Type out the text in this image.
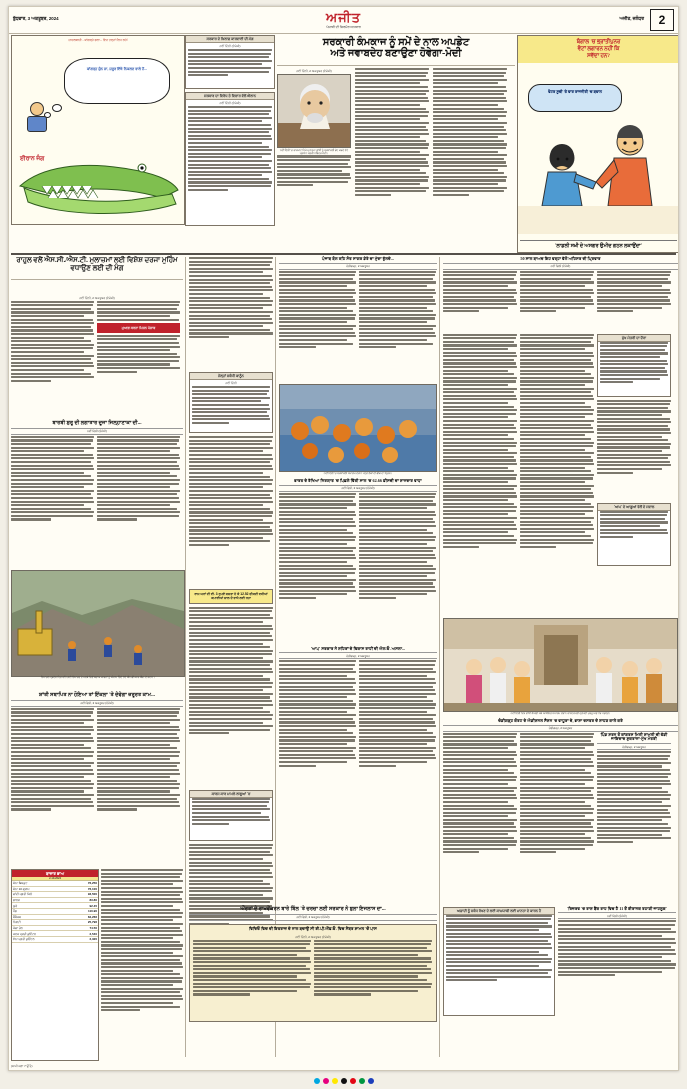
ਬੁੱਧਵਾਰ, 3 ਅਕਤੂਬਰ, 2024	ਅਜੀਤ, ਜਲੰਧਰ
ਅਜੀਤ
ਪੰਜਾਬੀ ਦੀ ਸਿਰਮੌਰ ਅਖ਼ਬਾਰ	2
ਜ਼ਾਹਲਬਾਜ਼ੀ - ਕਾਂਗੜ੍ਹੇ ਭਲਾ... ਇਹ ਤਰ੍ਹਾਂ ਲਿਖ ਰਹੇ!
ਕਾਂਗੜ੍ਹ ਸ਼ੁੰਨ ਜਾ, ਜ਼ਰੂਰ ਇੱਥੇ ਨਿਕਲਣ ਵਾਲੇ ਹੋਂ...
ਈਰਾਨ ਜੰਗ
ਸਰਕਾਰ ਦੇ ਖ਼ਿਲਾਫ਼ ਕਾਰਵਾਈ ਦੀ ਮੰਗ
ਨਵੀਂ ਦਿੱਲੀ (ਏਜੰਸੀ)
ਸਰਕਾਰ ਦਾ ਵਿਰੋਧ ਤੇ ਵਿਚਾਰ ਵੱਲੋਂ ਐਲਾਨ
ਨਵੀਂ ਦਿੱਲੀ (ਏਜੰਸੀ)
ਸਰਕਾਰੀ ਕੰਮਕਾਜ ਨੂੰ ਸਮੇਂ ਦੇ ਨਾਲ ਅਪਡੇਟ
ਅਤੇ ਜਵਾਬਦੇਹ ਬਣਾਉਣਾ ਹੋਵੇਗਾ-ਮੋਦੀ
ਨਵੀਂ ਦਿੱਲੀ, 2 ਅਕਤੂਬਰ (ਏਜੰਸੀ)
ਨਵੀਂ ਦਿੱਲੀ 'ਚ ਰਾਜਘਾਟ ਵਿਖੇ ਮਹਾਤਮਾ ਗਾਂਧੀ ਨੂੰ ਸ਼ਰਧਾਂਜਲੀ ਭੇਟ ਕਰਦੇ ਹੋਏ ਪ੍ਰਧਾਨ ਮੰਤਰੀ ਨਰਿੰਦਰ ਮੋਦੀ।
ਬੰਗਾਲ 'ਚ ਭ੍ਰਾਂਤੀਪੁਨਰ
ਵੋਟਾਂ ਲਗਾਰਨ ਨਹੀਂ ਕਿ
ਸਵੱਦਾ ਹਨ?
ਵੋਟਰ ਸੂਚੀ 'ਤੇ ਵਾਰ ਰਾਜਨੀਤੀ 'ਚ ਬਵਾਲ
'ਲਾਡਲੀ ਸਖ਼ੀ ਦੇ ਅਸਗਰ ਉਮੀਦ ਗਠਨ ਲਕਾਉਂਦਾ'
ਰਾਹੁਲ ਵਲੋਂ ਐਸ.ਸੀ./ਐਸ.ਟੀ. ਮੁਲਾਜ਼ਮਾਂ ਲਈ ਵਿਸ਼ੇਸ਼ ਦਰਜਾ ਮੁਹਿੰਮ ਵਧਾਉਣ ਲਈ ਦੀ ਮੰਗ
ਨਵੀਂ ਦਿੱਲੀ, 2 ਅਕਤੂਬਰ (ਏਜੰਸੀ)
ਮੁਆਫ਼ ਕਰਨਾ ਮਿਸ਼ਨ ਪੰਜਾਬ
ਬਾਰਬੀ ਸ਼ੁਰੂ ਦੀ ਲਗਾਤਾਰ ਦੂਜਾ ਜਿਲ੍ਹਾਣਾਕਾ ਦੀ...
ਨਵੀਂ ਦਿੱਲੀ (ਏਜੰਸੀ)
ਹਿਮਾਚਲ ਪ੍ਰਦੇਸ਼ ਵਿਚ ਢਹਿ ਗਈ ਇਮਾਰਤ ਦੇ ਮਲਬੇ ਵਿਚੋਂ ਬਚਾਅ ਕਾਰਜਾਂ ਨੂੰ ਅੰਜਾਮ ਦਿੰਦੇ ਹੋਏ ਐੱਨ.ਡੀ.ਆਰ.ਐੱਫ. ਦੇ ਜਵਾਨ।
ਸ਼ਾਂਤੀ ਸਥਾਪਿਤ ਨਾ ਹੋਇਆ ਤਾਂ ਇੱਕਲਾ 'ਤੇ ਦੇਵੇਗਾ ਜ਼ਰੂਰਤ ਕਾਮ...
ਨਵੀਂ ਦਿੱਲੀ, 2 ਅਕਤੂਬਰ (ਏਜੰਸੀ)
ਬਾਜ਼ਾਰ ਭਾਅ
2-10-2024
ਸੋਨਾ ਬਿਸਕੁਟ	76,250
ਸੋਨਾ 10 ਗ੍ਰਾਮ	76,100
ਚਾਂਦੀ ਪ੍ਰਤੀ ਕਿਲੋ	93,500
ਡਾਲਰ	83.80
ਯੂਰੋ	92.45
ਪੌਂਡ	110.90
ਸੈਂਸੈਕਸ	84,266
ਨਿਫਟੀ	25,796
ਕੱਚਾ ਤੇਲ	74.50
ਕਣਕ ਪ੍ਰਤੀ ਕੁਇੰਟਲ	2,540
ਝੋਨਾ ਪ੍ਰਤੀ ਕੁਇੰਟਲ	2,320
ਜੇਲ੍ਹਾਂ ਸਬੰਧੀ ਕਾਨੂੰਨ
ਨਵੀਂ ਦਿੱਲੀ
ਰਾਜ ਘਰਾਂ ਦੀ ਈ. 3 ਰੁਪਏ ਸਸਤਾ ਹੋ ਕੇ 12.52 ਫੀਸਦੀ ਵਧੀਆਂ ਕਮਾਈਆਂ ਸਾਲ ਦੇ ਵਾਧੇ ਲਈ ਰਹਾ
ਕਾਰਜ ਕਾਰ ਮਾਮਲੇ ਲਾਗੂਆਂ 'ਚ
ਪੰਜਾਬ ਬੋਲ ਰਹਿ ਸੰਤ ਸਾਗਰ ਡੇਰੇ ਦਾ ਮੁੱਦਾ ਝੁੱਲਦੇ...
ਚੰਡੀਗੜ੍ਹ, 2 ਅਕਤੂਬਰ
ਨਵੀਂ ਦਿੱਲੀ 'ਚ ਸ਼ਰਧਾਂਜਲੀ ਸਮਾਗਮ ਦੌਰਾਨ ਪਹੁੰਚੇ ਲੋਕਾਂ ਦੀ ਭੀੜ ਦਾ ਦ੍ਰਿਸ਼।
ਭਾਰਤ ਦੇ ਰੱਖਿਆ ਨਿਰਯਾਤ 'ਚ ਪਿਛਲੇ ਵਿੱਤੀ ਸਾਲ 'ਚ 62.66 ਫ਼ੀਸਦੀ ਦਾ ਸ਼ਾਨਦਾਰ ਵਾਧਾ
ਨਵੀਂ ਦਿੱਲੀ, 2 ਅਕਤੂਬਰ (ਏਜੰਸੀ)
'ਆਪ' ਸਰਕਾਰ ਨੇ ਸ਼ਹਿਰਾਂ ਦੇ ਵਿਕਾਸ ਰਾਹੀਂ ਦੀ ਐਲ.ਓ. ਅਸਲਾ...
ਚੰਡੀਗੜ੍ਹ, 2 ਅਕਤੂਬਰ
ਔਰਤਾਂ ਦੇ ਰਾਖਵੇਂਕਰਨ ਬਾਰੇ ਬਿੱਲ 'ਤੇ ਚਰਚਾ ਲਈ ਸਰਕਾਰ ਨੇ ਬੁਲਾ ਇਜਲਾਸ ਦਾ...
ਨਵੀਂ ਦਿੱਲੀ, 2 ਅਕਤੂਬਰ (ਏਜੰਸੀ)
ਵਿਦਿਓ ਵਿਚ ਦੀ ਇਤਰਾਜ਼ ਦੇ ਨਾਲ ਬਚਾਉਂ ਸੀ ਈ.ਪੀ.ਐੱਫ਼.ਓ. ਵਿਚ ਮੈਂਬਰ ਸ਼ਾਮਲ 'ਚੋਂ ਪਾਸ
ਨਵੀਂ ਦਿੱਲੀ, 2 ਅਕਤੂਬਰ (ਏਜੰਸੀ)
50 ਸਾਲ ਬਾਅਦ ਇਹ ਵਰ੍ਹਾ ਵੱਲੋਂ ਅਹਿਸਰ ਦੀ ਪ੍ਰਿਵਾਰ
ਨਵੀਂ ਦਿੱਲੀ (ਏਜੰਸੀ)
ਮੁੱਖ ਮੰਤਰੀ ਦਾ ਦੌਰਾ
'ਆਪ' ਦੇ ਆਗੂਆਂ ਵੱਲੋਂ ਦੇ ਸਵਾਲ
ਨਵੀਂ ਦਿੱਲੀ ਵਿਖੇ ਗਾਂਧੀ ਜੈਅੰਤੀ ਮੌਕੇ ਆਯੋਜਿਤ ਸਮਾਗਮ ਦੌਰਾਨ ਰਾਸ਼ਟਰਪਤੀ ਦ੍ਰੌਪਦੀ ਮੁਰਮੂ ਅਤੇ ਹੋਰ ਪਤਵੰਤੇ।
ਚੰਡੀਗੜ੍ਹ ਕੋਰਟ ਦੇ ਐਡੀਸ਼ਨਲ ਸੈਸ਼ਨ 'ਚ ਵਾਧੂਰਾ ਦੇ, ਭਾਸ਼ਾ ਦਸਤਰ ਦੇ ਸ਼ਾਹਣ ਕਾਲੇ ਕਰੇ
ਚੰਡੀਗੜ੍ਹ, 2 ਅਕਤੂਬਰ
ਪਿੰਡ ਸ਼ਰਨ ਤੋਂ ਕਾਂਗਰਸ ਮਿਲੀ ਸ਼ਾਮਲੀ ਦੀ ਵੱਡੀ ਜਾਇਦਾਦ ਸ਼ੁਕਰਾਨਾ-ਮੁੱਖ ਮੰਤਰੀ
ਚੰਡੀਗੜ੍ਹ, 2 ਅਕਤੂਬਰ
ਅਜ਼ਾਦੀ ਨੂੰ ਸਬੰਧ ਰੱਖਣ ਦੇ ਲਈ ਕਾਮਯਾਬੀ ਲਈ ਮਾਨਤਾ ਦੇ ਕਾਰਨ ਹੈ	'ਰਿਜ਼ਰਵ 'ਚ ਰਾਸ਼ ਬੈਂਕ ਰਾਹ ਵਿਚ ਹੈ 11 ਤੋਂ ਈਰਾਨਕ ਰਹਾਣੀ ਜਾਹਲੂਕ'
ਨਵੀਂ ਦਿੱਲੀ (ਏਜੰਸੀ)
(ਬਾਕੀ ਸਫ਼ਾ 7 ਉੱਤੇ)
